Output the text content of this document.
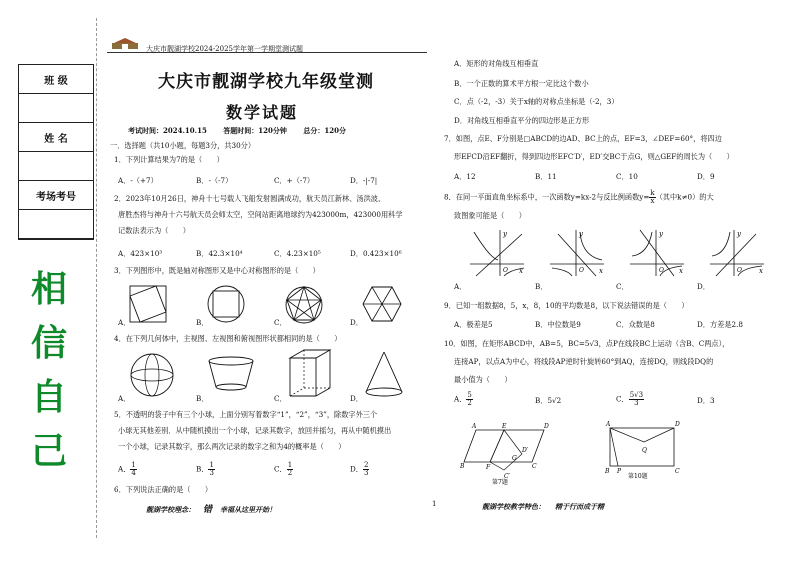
班 级
姓 名
考场考号
相
信
自
己
大庆市靓湖学校2024-2025学年第一学期堂测试题
大庆市靓湖学校九年级堂测
数学试题
考试时间：2024.10.15 答题时间：120分钟 总分：120分
一．选择题（共10小题，每题3分，共30分）
1．下列计算结果为7的是（　　）
A．-（+7）	B．-（-7）	C．+（-7）	D．-|-7|
2．2023年10月26日，神舟十七号载人飞船发射圆满成功，航天员江新林、汤洪波、
唐胜杰将与神舟十六号航天员会师太空，空间站距离地球约为423000m，423000用科学
记数法表示为（　　）
A．423×10³	B．42.3×10⁴	C．4.23×10⁵	D．0.423×10⁶
3．下列图形中，既是轴对称图形又是中心对称图形的是（　　）
A．	B．	C．	D．
4．在下列几何体中，主视图、左视图和俯视图形状都相同的是（　　）
A．	B．	C．	D．
5．不透明的袋子中有三个小球，上面分别写着数字“1”，“2”，“3”，除数字外三个
小球无其他差别．从中随机摸出一个小球，记录其数字，放回并摇匀，再从中随机摸出
一个小球，记录其数字，那么两次记录的数字之和为4的概率是（　　）
A． $\frac{1}{4}$	B． $\frac{1}{3}$	C． $\frac{1}{2}$	D． $\frac{2}{3}$
6．下列说法正确的是（　　）
A．矩形的对角线互相垂直
B．一个正数的算术平方根一定比这个数小
C．点（-2，-3）关于x轴的对称点坐标是（-2，3）
D．对角线互相垂直平分的四边形是正方形
7．如图，点E、F分别是□ABCD的边AD、BC上的点，EF=3，∠DEF=60°，将四边
形EFCD沿EF翻折，得到四边形EFC′D′，ED′交BC于点G，则△GEF的周长为（　　）
A．12	B．11	C．10	D．9
8．在同一平面直角坐标系中，一次函数y=kx-2与反比例函数$y= \frac{k}{x}$ （其中k≠0）的大
致图象可能是（　　）
y
x
O
y
x
O
y
x
O
y
x
O
A．	B．	C．	D．
9．已知一组数据8，5，x，8，10的平均数是8，以下说法错误的是（　　）
A．极差是5	B．中位数是9	C．众数是8	D．方差是2.8
10．如图，在矩形ABCD中，AB=5，BC=5√3，点P在线段BC上运动（含B、C两点），
连接AP，以点A为中心，将线段AP逆时针旋转60°到AQ，连接DQ，则线段DQ的
最小值为（　　）
A． $\frac{5}{2}$	B．5√2	C． $\frac{5√3}{3}$	D．3
A	E	D
B	F
G
C
C′
D′
第7题
A	D
Q
B P	C
第10题
靓湖学校理念： 错 幸福从这里开始！
1	靓湖学校教学特色： 精于行而成于精
